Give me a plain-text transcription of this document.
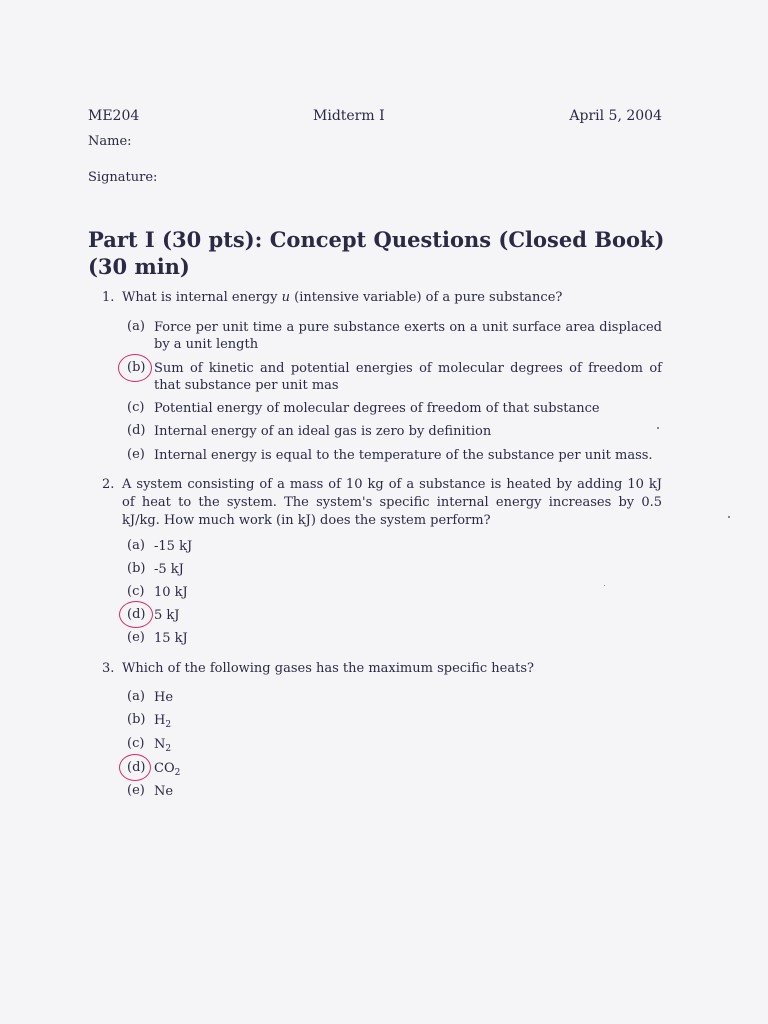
ME204	Midterm I	April 5, 2004
Name:
Signature:
Part I (30 pts): Concept Questions (Closed Book) (30 min)
1. What is internal energy u (intensive variable) of a pure substance?
(a) Force per unit time a pure substance exerts on a unit surface area displaced by a unit length
(b) Sum of kinetic and potential energies of molecular degrees of freedom of that substance per unit mas
(c) Potential energy of molecular degrees of freedom of that substance
(d) Internal energy of an ideal gas is zero by definition
(e) Internal energy is equal to the temperature of the substance per unit mass.
2. A system consisting of a mass of 10 kg of a substance is heated by adding 10 kJ of heat to the system. The system's specific internal energy increases by 0.5 kJ/kg. How much work (in kJ) does the system perform?
(a) -15 kJ
(b) -5 kJ
(c) 10 kJ
(d) 5 kJ
(e) 15 kJ
3. Which of the following gases has the maximum specific heats?
(a) He
(b) $H_2$
(c) $N_2$
(d) $CO_2$
(e) Ne
